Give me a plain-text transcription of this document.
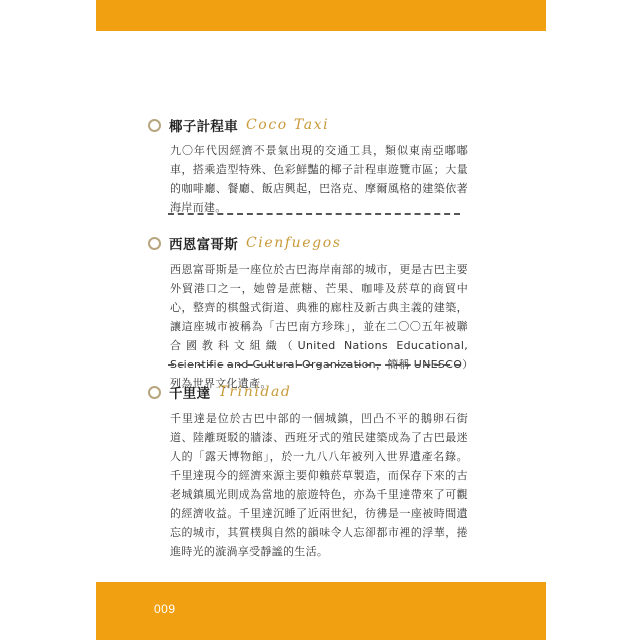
椰子計程車 Coco Taxi
九〇年代因經濟不景氣出現的交通工具，類似東南亞嘟嘟車，搭乘造型特殊、色彩鮮豔的椰子計程車遊覽市區；大量的咖啡廳、餐廳、飯店興起，巴洛克、摩爾風格的建築依著海岸而建。
西恩富哥斯 Cienfuegos
西恩富哥斯是一座位於古巴海岸南部的城市，更是古巴主要外貿港口之一，她曾是蔗糖、芒果、咖啡及菸草的商貿中心，整齊的棋盤式街道、典雅的廊柱及新古典主義的建築，讓這座城市被稱為「古巴南方珍珠」，並在二〇〇五年被聯合國教科文組織（United Nations Educational, Scientific and Cultural Organization，簡稱 UNESCO）列為世界文化遺產。
千里達 Trinidad
千里達是位於古巴中部的一個城鎮，凹凸不平的鵝卵石街道、陸離斑駁的牆漆、西班牙式的殖民建築成為了古巴最迷人的「露天博物館」，於一九八八年被列入世界遺產名錄。千里達現今的經濟來源主要仰賴菸草製造，而保存下來的古老城鎮風光則成為當地的旅遊特色，亦為千里達帶來了可觀的經濟收益。千里達沉睡了近兩世紀，彷彿是一座被時間遺忘的城市，其質樸與自然的韻味令人忘卻都市裡的浮華，捲進時光的漩渦享受靜謐的生活。
009
